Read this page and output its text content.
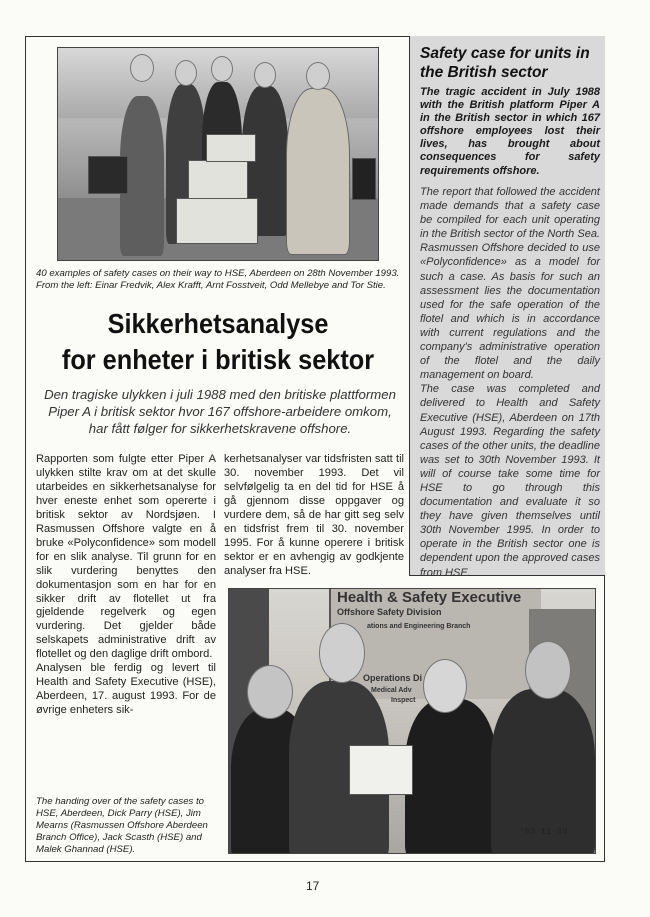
40 examples of safety cases on their way to HSE, Aberdeen on 28th November 1993. From the left: Einar Fredvik, Alex Krafft, Arnt Fosstveit, Odd Mellebye and Tor Stie.
Sikkerhetsanalyse
for enheter i britisk sektor
Den tragiske ulykken i juli 1988 med den britiske plattformen Piper A i britisk sektor hvor 167 offshore-arbeidere omkom, har fått følger for sikkerhetskravene offshore.

Rapporten som fulgte etter Piper A ulykken stilte krav om at det skulle utarbeides en sikkerhetsanalyse for hver eneste enhet som opererte i britisk sektor av Nordsjøen. I Rasmussen Offshore valgte en å bruke «Polyconfidence» som modell for en slik analyse. Til grunn for en slik vurdering benyttes den dokumentasjon som en har for en sikker drift av flotellet ut fra gjeldende regelverk og egen vurdering. Det gjelder både selskapets administrative drift av flotellet og den daglige drift ombord.

Analysen ble ferdig og levert til Health and Safety Executive (HSE), Aberdeen, 17. august 1993. For de øvrige enheters sik-

kerhetsanalyser var tidsfristen satt til 30. november 1993. Det vil selvfølgelig ta en del tid for HSE å gå gjennom disse oppgaver og vurdere dem, så de har gitt seg selv en tidsfrist frem til 30. november 1995. For å kunne operere i britisk sektor er en avhengig av godkjente analyser fra HSE.

Safety case for units in the British sector
The tragic accident in July 1988 with the British platform Piper A in the British sector in which 167 offshore employees lost their lives, has brought about consequences for safety requirements offshore.

The report that followed the accident made demands that a safety case be compiled for each unit operating in the British sector of the North Sea. Rasmussen Offshore decided to use «Polyconfidence» as a model for such a case. As basis for such an assessment lies the documentation used for the safe operation of the flotel and which is in accordance with current regulations and the company's administrative operation of the flotel and the daily management on board.

The case was completed and delivered to Health and Safety Executive (HSE), Aberdeen on 17th August 1993. Regarding the safety cases of the other units, the deadline was set to 30th November 1993. It will of course take some time for HSE to go through this documentation and evaluate it so they have given themselves until 30th November 1995. In order to operate in the British sector one is dependent upon the approved cases from HSE.

Health & Safety Executive
Offshore Safety Division
ations and Engineering Branch
Operations Di
Medical Adv
Inspect
'93 11 30
The handing over of the safety cases to HSE, Aberdeen, Dick Parry (HSE), Jim Mearns (Rasmussen Offshore Aberdeen Branch Office), Jack Scasth (HSE) and Malek Ghannad (HSE).
17
